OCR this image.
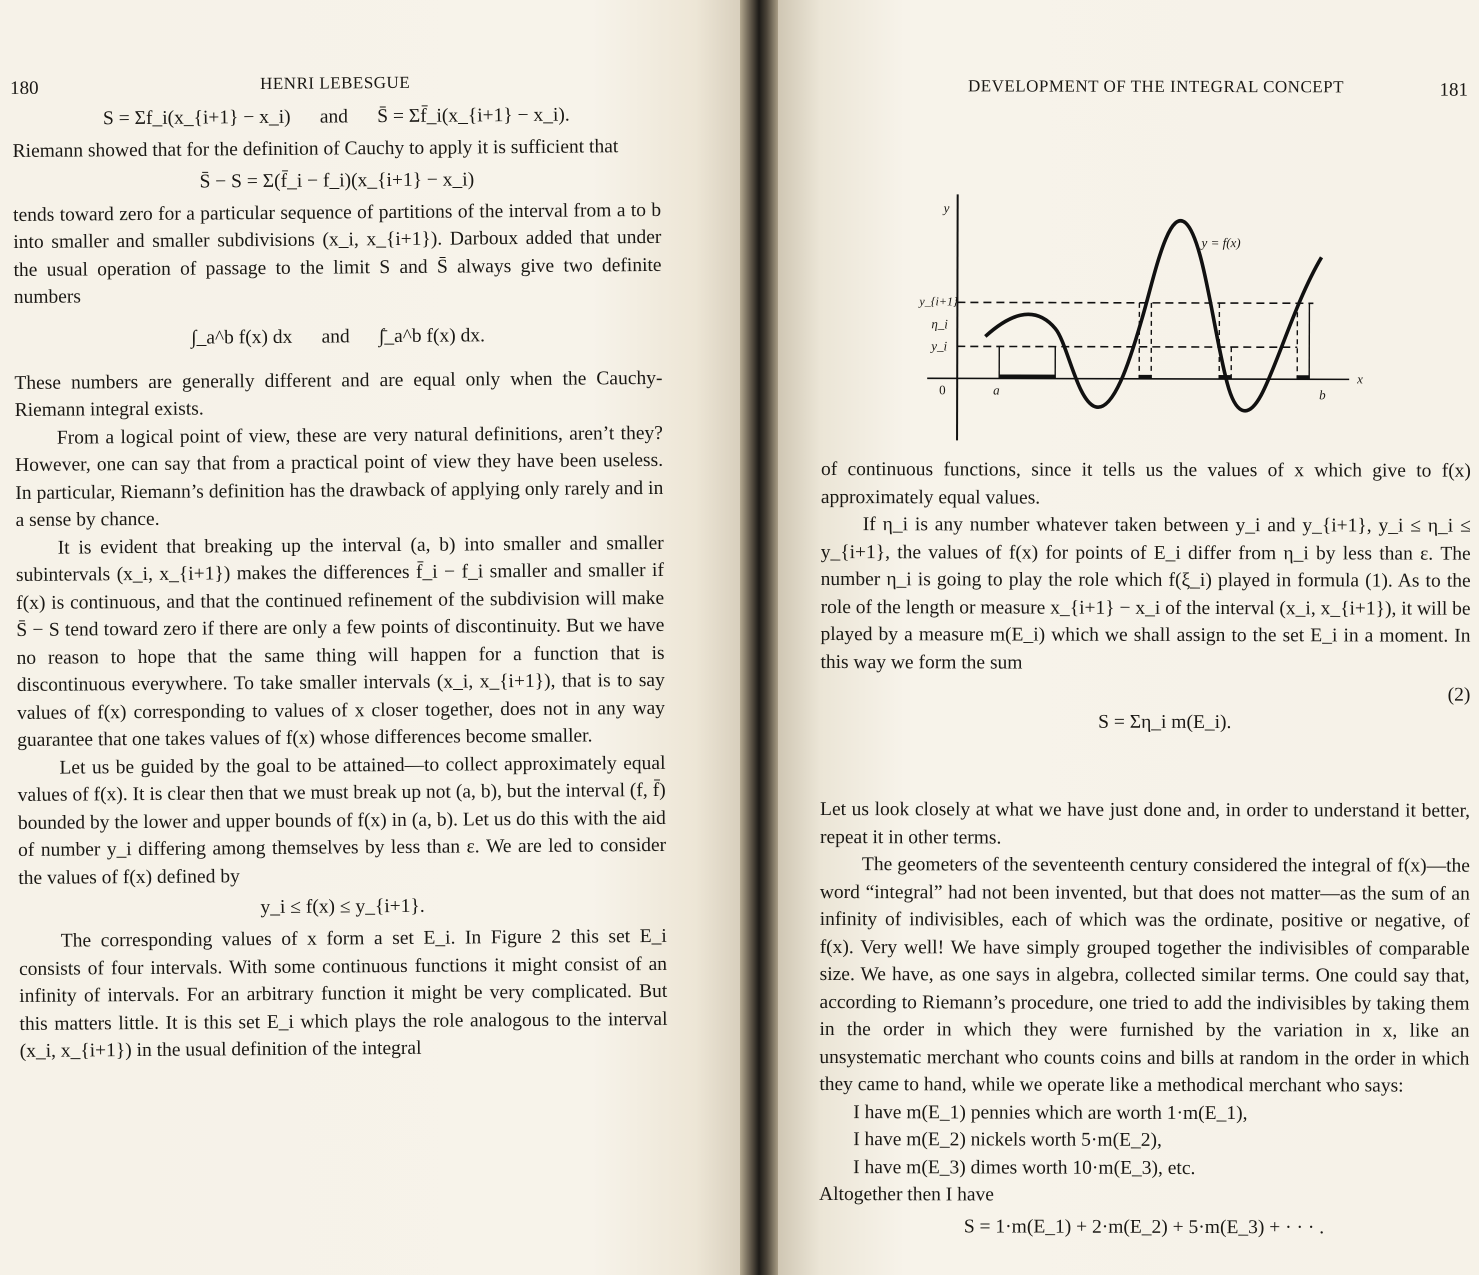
180	HENRI LEBESGUE
S = Σf_i(x_{i+1} − x_i)      and      S̄ = Σf̄_i(x_{i+1} − x_i).

Riemann showed that for the definition of Cauchy to apply it is sufficient that

S̄ − S = Σ(f̄_i − f_i)(x_{i+1} − x_i)

tends toward zero for a particular sequence of partitions of the interval from a to b into smaller and smaller subdivisions (x_i, x_{i+1}). Darboux added that under the usual operation of passage to the limit S and S̄ always give two definite numbers

∫_a^b f(x) dx      and      ∫̄_a^b f(x) dx.

These numbers are generally different and are equal only when the Cauchy-Riemann integral exists.

From a logical point of view, these are very natural definitions, aren’t they? However, one can say that from a practical point of view they have been useless. In particular, Riemann’s definition has the drawback of applying only rarely and in a sense by chance.

It is evident that breaking up the interval (a, b) into smaller and smaller subintervals (x_i, x_{i+1}) makes the differences f̄_i − f_i smaller and smaller if f(x) is continuous, and that the continued refinement of the subdivision will make S̄ − S tend toward zero if there are only a few points of discontinuity. But we have no reason to hope that the same thing will happen for a function that is discontinuous everywhere. To take smaller intervals (x_i, x_{i+1}), that is to say values of f(x) corresponding to values of x closer together, does not in any way guarantee that one takes values of f(x) whose differences become smaller.

Let us be guided by the goal to be attained—to collect approximately equal values of f(x). It is clear then that we must break up not (a, b), but the interval (f, f̄) bounded by the lower and upper bounds of f(x) in (a, b). Let us do this with the aid of number y_i differing among themselves by less than ε. We are led to consider the values of f(x) defined by

y_i ≤ f(x) ≤ y_{i+1}.

The corresponding values of x form a set E_i. In Figure 2 this set E_i consists of four intervals. With some continuous functions it might consist of an infinity of intervals. For an arbitrary function it might be very complicated. But this matters little. It is this set E_i which plays the role analogous to the interval (x_i, x_{i+1}) in the usual definition of the integral

DEVELOPMENT OF THE INTEGRAL CONCEPT	181
y
x
0
y = f(x)
y_{i+1}
η_i
y_i
a	b

of continuous functions, since it tells us the values of x which give to f(x) approximately equal values.

If η_i is any number whatever taken between y_i and y_{i+1}, y_i ≤ η_i ≤ y_{i+1}, the values of f(x) for points of E_i differ from η_i by less than ε. The number η_i is going to play the role which f(ξ_i) played in formula (1). As to the role of the length or measure x_{i+1} − x_i of the interval (x_i, x_{i+1}), it will be played by a measure m(E_i) which we shall assign to the set E_i in a moment. In this way we form the sum

S = Ση_i m(E_i).

(2)

Let us look closely at what we have just done and, in order to understand it better, repeat it in other terms.

The geometers of the seventeenth century considered the integral of f(x)—the word “integral” had not been invented, but that does not matter—as the sum of an infinity of indivisibles, each of which was the ordinate, positive or negative, of f(x). Very well! We have simply grouped together the indivisibles of comparable size. We have, as one says in algebra, collected similar terms. One could say that, according to Riemann’s procedure, one tried to add the indivisibles by taking them in the order in which they were furnished by the variation in x, like an unsystematic merchant who counts coins and bills at random in the order in which they came to hand, while we operate like a methodical merchant who says:

I have m(E_1) pennies which are worth 1·m(E_1),

I have m(E_2) nickels worth 5·m(E_2),

I have m(E_3) dimes worth 10·m(E_3), etc.

Altogether then I have

S = 1·m(E_1) + 2·m(E_2) + 5·m(E_3) + · · · .
